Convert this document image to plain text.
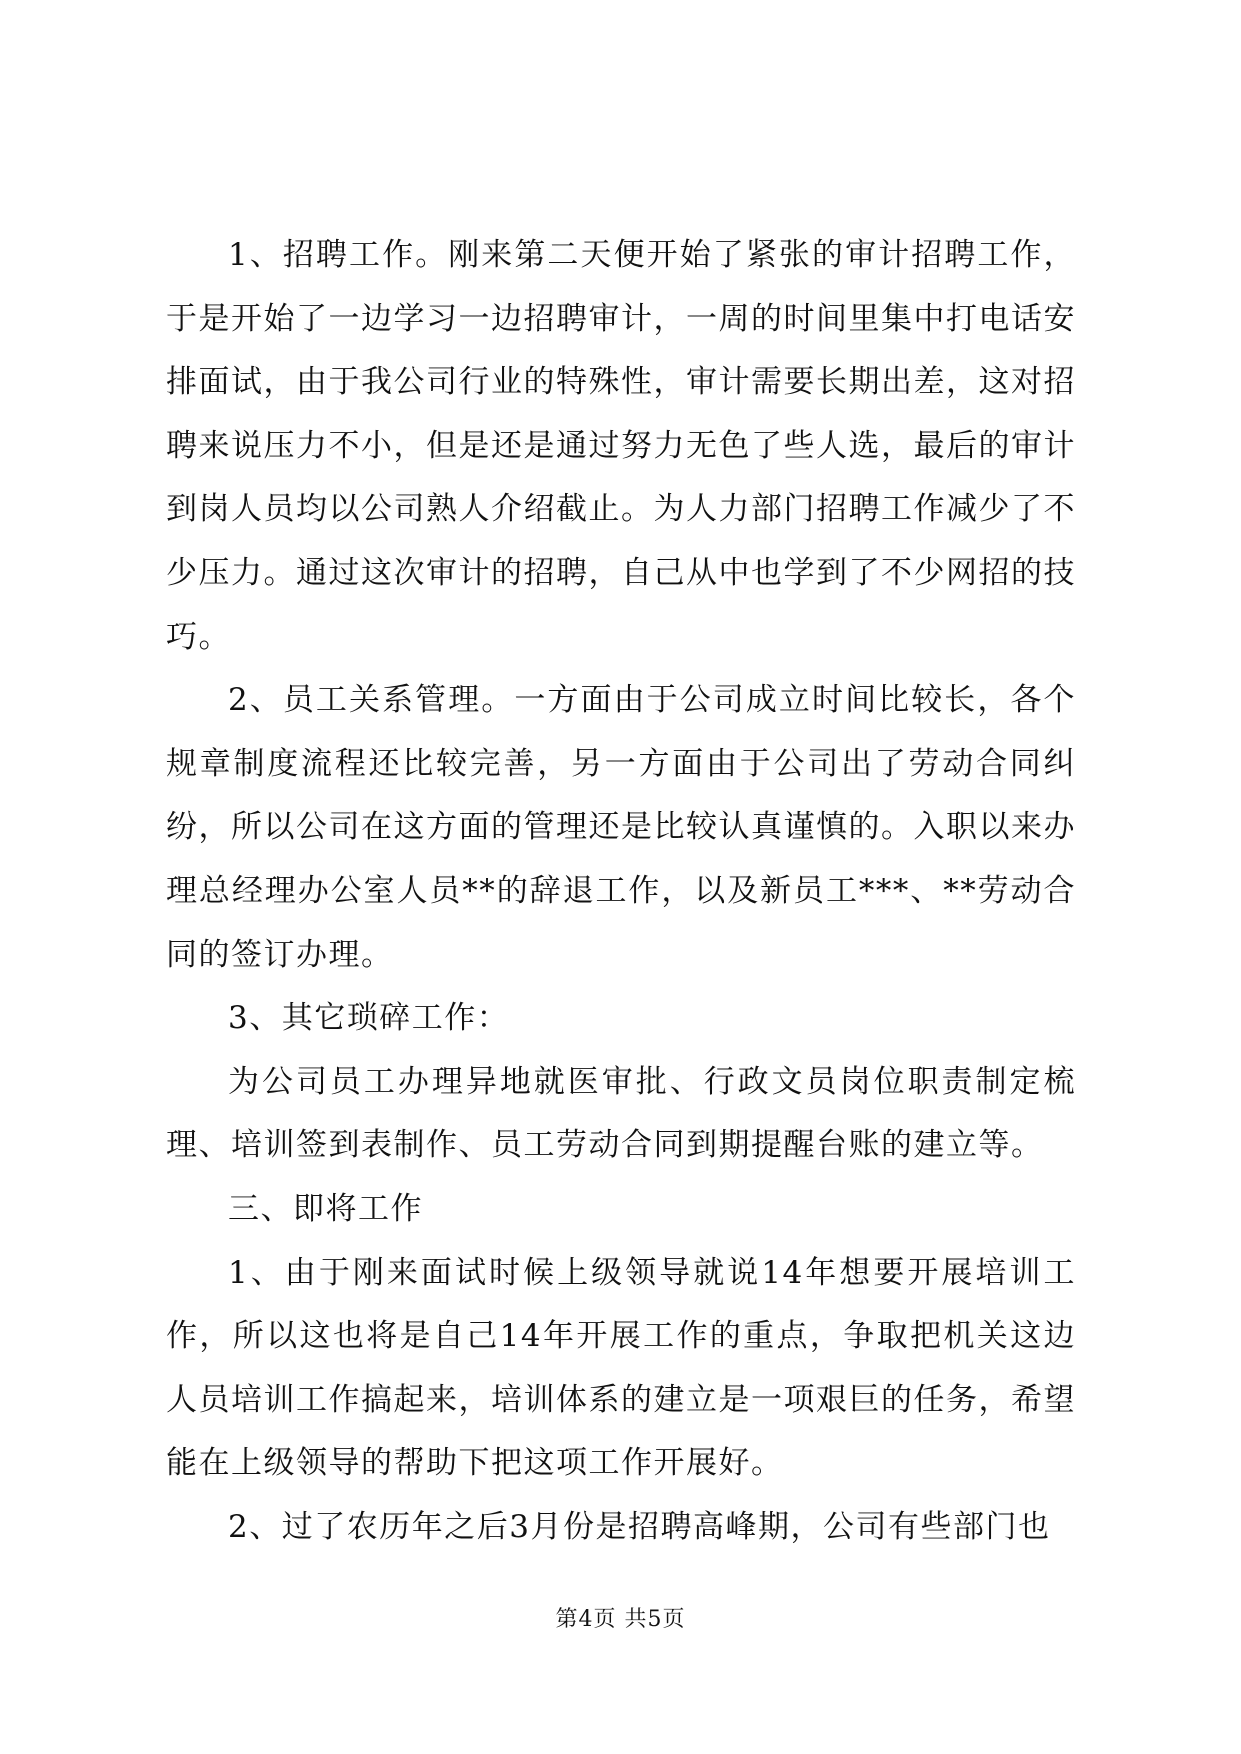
1、招聘工作。刚来第二天便开始了紧张的审计招聘工作，于是开始了一边学习一边招聘审计，一周的时间里集中打电话安排面试，由于我公司行业的特殊性，审计需要长期出差，这对招聘来说压力不小，但是还是通过努力无色了些人选，最后的审计到岗人员均以公司熟人介绍截止。为人力部门招聘工作减少了不少压力。通过这次审计的招聘，自己从中也学到了不少网招的技巧。

2、员工关系管理。一方面由于公司成立时间比较长，各个规章制度流程还比较完善，另一方面由于公司出了劳动合同纠纷，所以公司在这方面的管理还是比较认真谨慎的。入职以来办理总经理办公室人员**的辞退工作，以及新员工***、**劳动合同的签订办理。

3、其它琐碎工作：

为公司员工办理异地就医审批、行政文员岗位职责制定梳理、培训签到表制作、员工劳动合同到期提醒台账的建立等。

三、即将工作

1、由于刚来面试时候上级领导就说14年想要开展培训工作，所以这也将是自己14年开展工作的重点，争取把机关这边人员培训工作搞起来，培训体系的建立是一项艰巨的任务，希望能在上级领导的帮助下把这项工作开展好。

2、过了农历年之后3月份是招聘高峰期，公司有些部门也

第4页 共5页
